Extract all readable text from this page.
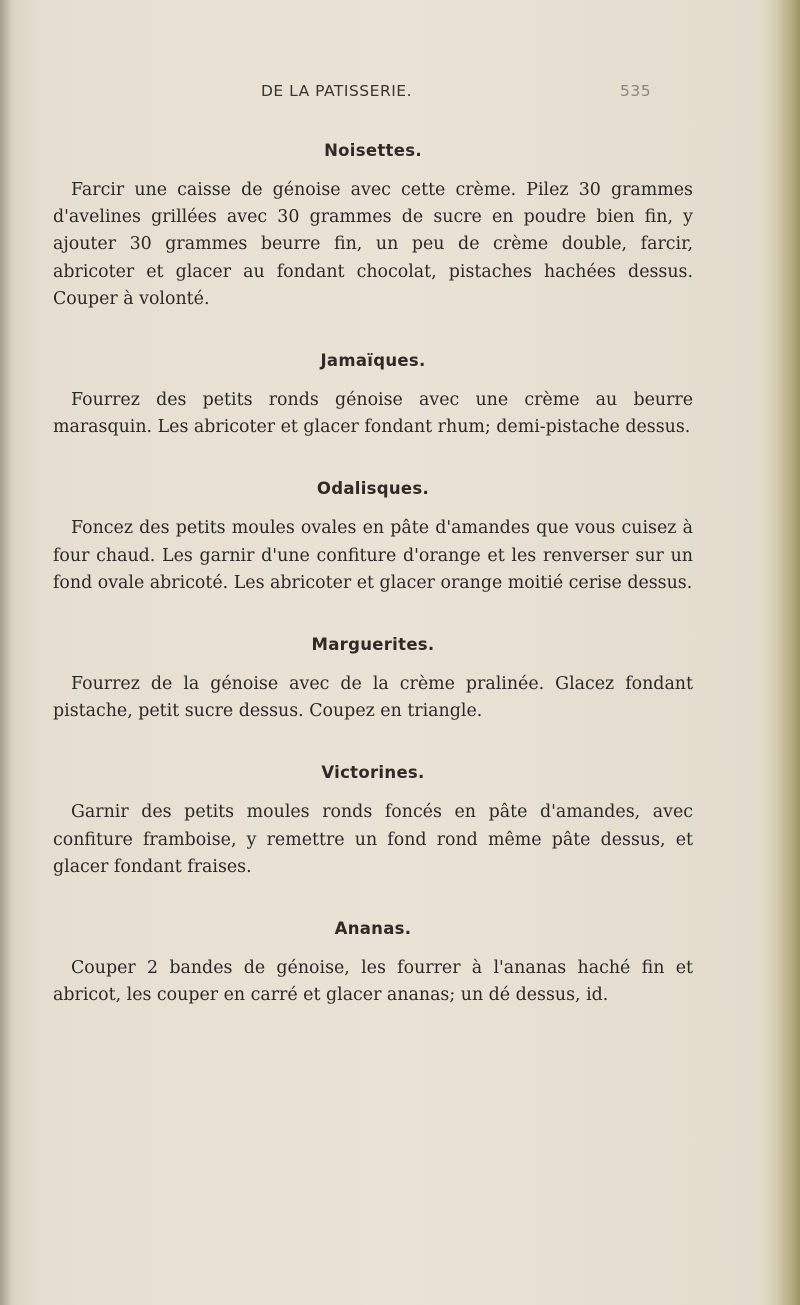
DE LA PATISSERIE.	535
Noisettes.
Farcir une caisse de génoise avec cette crème. Pilez 30 grammes d'avelines grillées avec 30 grammes de sucre en poudre bien fin, y ajouter 30 grammes beurre fin, un peu de crème double, farcir, abricoter et glacer au fondant chocolat, pistaches hachées dessus. Couper à volonté.
Jamaïques.
Fourrez des petits ronds génoise avec une crème au beurre marasquin. Les abricoter et glacer fondant rhum; demi-pistache dessus.
Odalisques.
Foncez des petits moules ovales en pâte d'amandes que vous cuisez à four chaud. Les garnir d'une confiture d'orange et les renverser sur un fond ovale abricoté. Les abricoter et glacer orange moitié cerise dessus.
Marguerites.
Fourrez de la génoise avec de la crème pralinée. Glacez fondant pistache, petit sucre dessus. Coupez en triangle.
Victorines.
Garnir des petits moules ronds foncés en pâte d'amandes, avec confiture framboise, y remettre un fond rond même pâte dessus, et glacer fondant fraises.
Ananas.
Couper 2 bandes de génoise, les fourrer à l'ananas haché fin et abricot, les couper en carré et glacer ananas; un dé dessus, id.
